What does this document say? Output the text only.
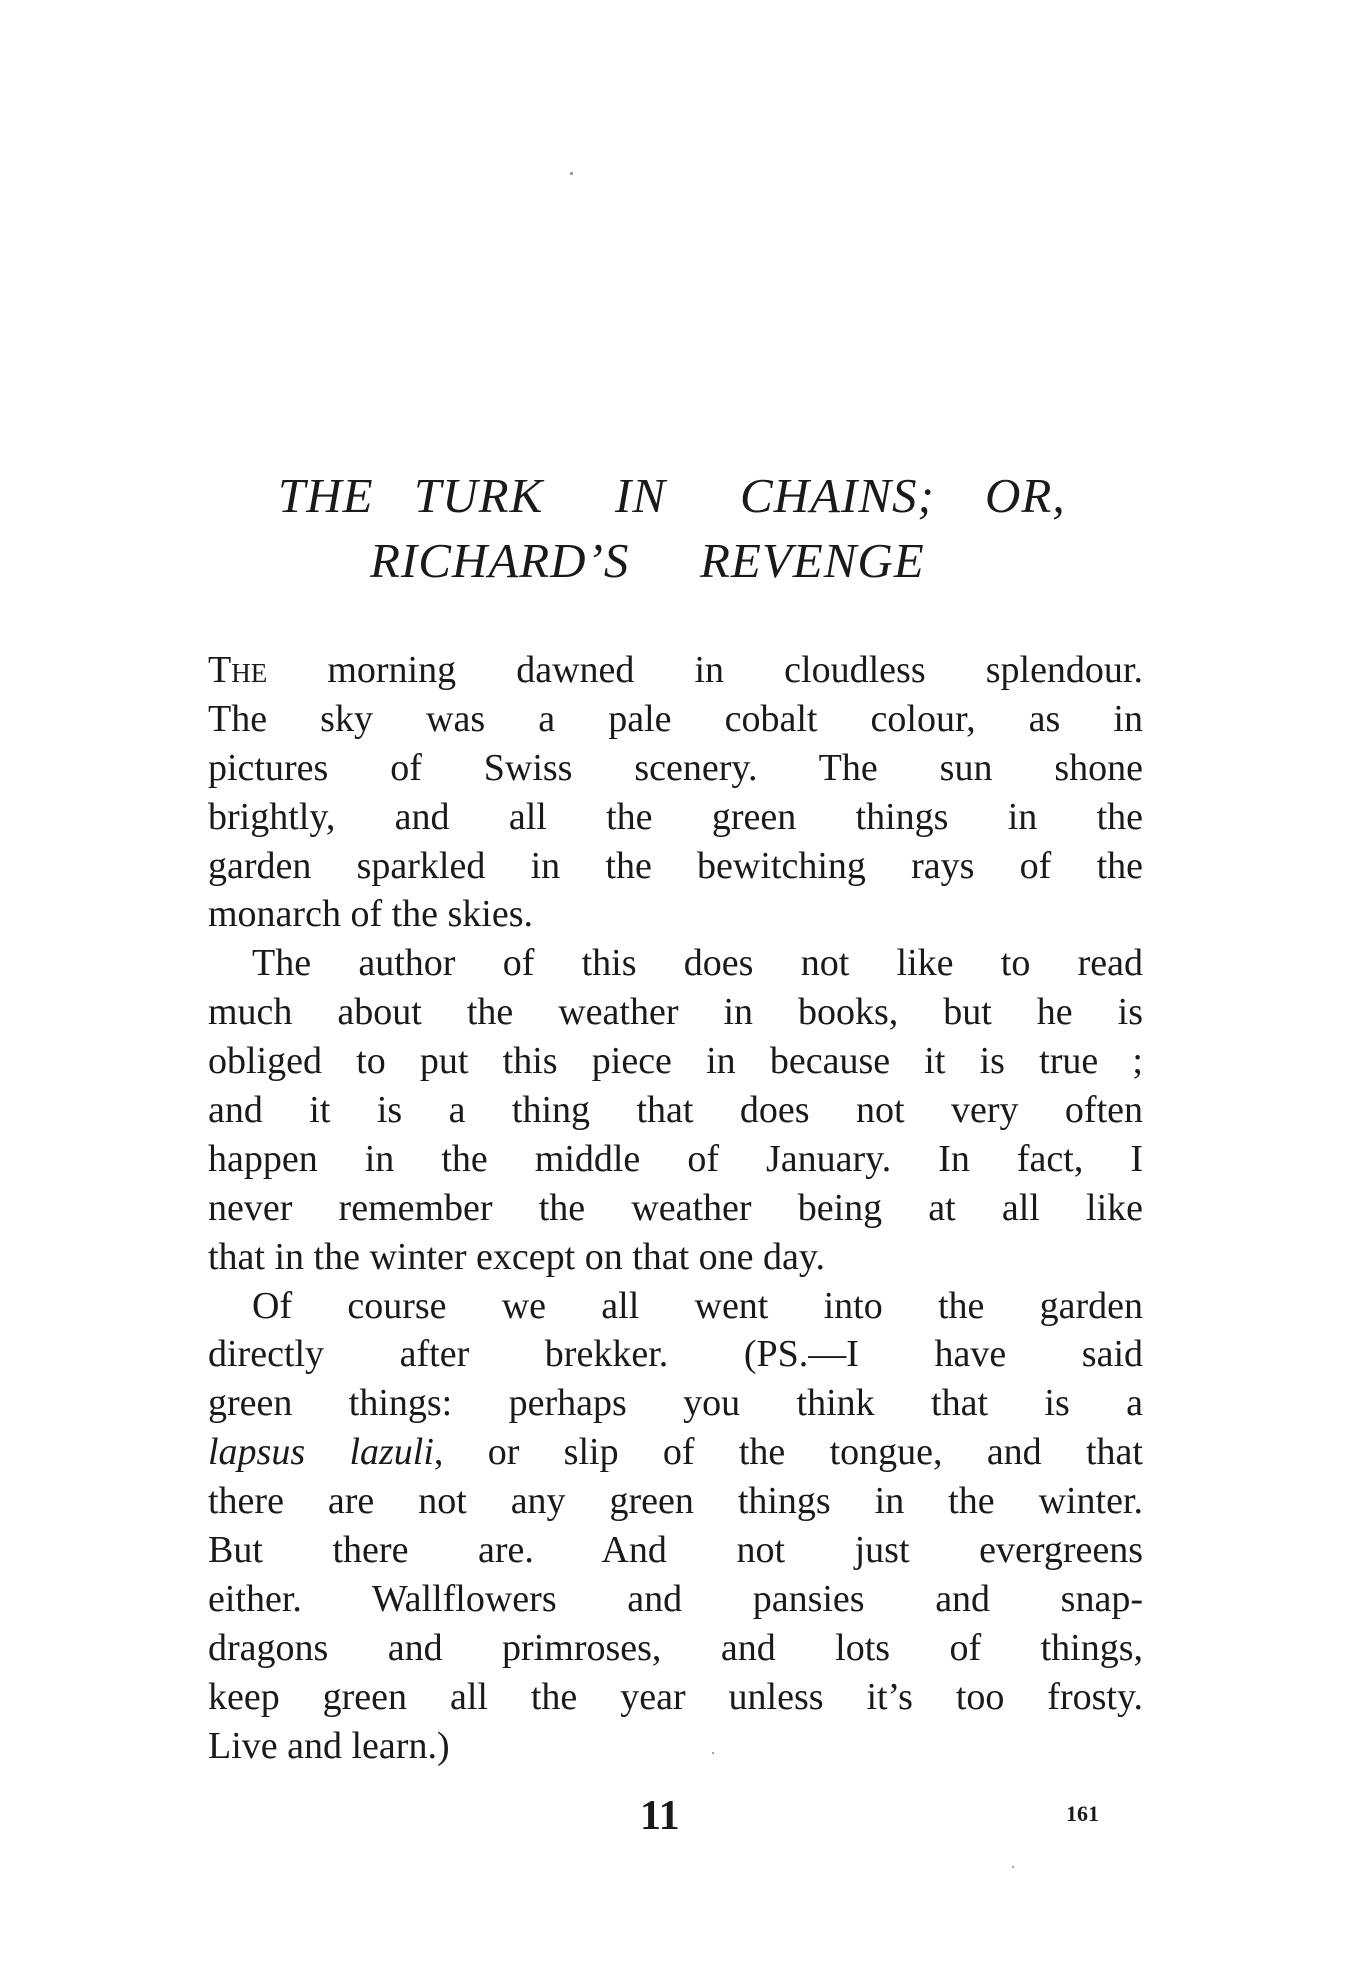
THE TURK IN CHAINS; OR,
RICHARD’S REVENGE
The morning dawned in cloudless splendour.
The sky was a pale cobalt colour, as in
pictures of Swiss scenery. The sun shone
brightly, and all the green things in the
garden sparkled in the bewitching rays of the
monarch of the skies.
The author of this does not like to read
much about the weather in books, but he is
obliged to put this piece in because it is true ;
and it is a thing that does not very often
happen in the middle of January. In fact, I
never remember the weather being at all like
that in the winter except on that one day.
Of course we all went into the garden
directly after brekker. (PS.—I have said
green things: perhaps you think that is a
lapsus lazuli, or slip of the tongue, and that
there are not any green things in the winter.
But there are. And not just evergreens
either. Wallflowers and pansies and snap-
dragons and primroses, and lots of things,
keep green all the year unless it’s too frosty.
Live and learn.)
11	161
